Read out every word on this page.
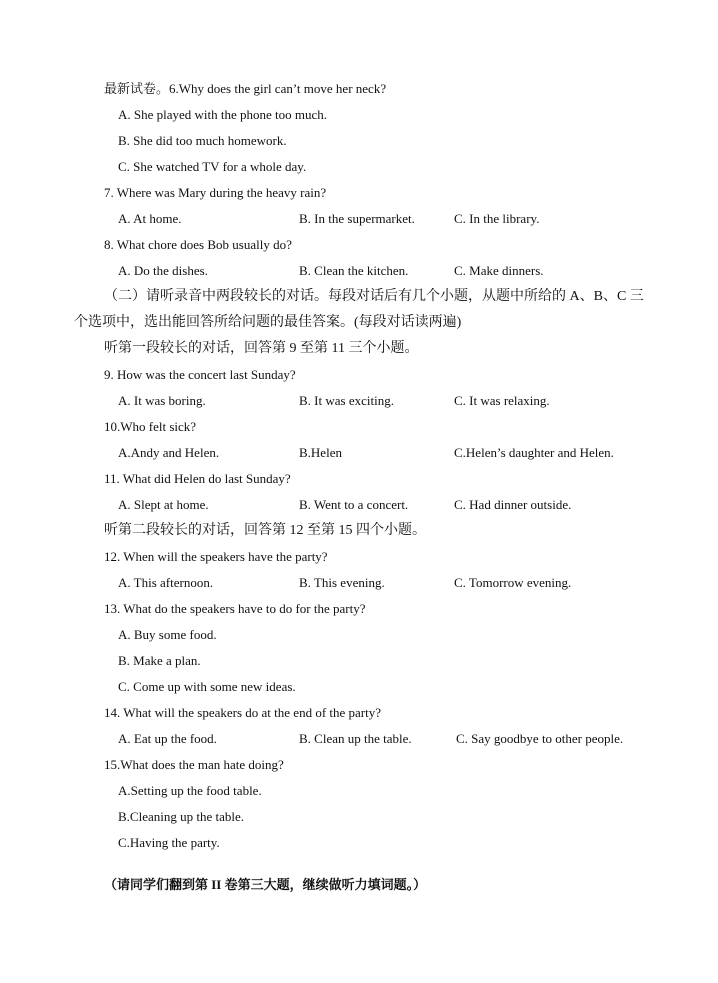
最新试卷。6.Why does the girl can’t move her neck?
A. She played with the phone too much.
B. She did too much homework.
C. She watched TV for a whole day.
7. Where was Mary during the heavy rain?
A. At home.	B. In the supermarket.	C. In the library.
8. What chore does Bob usually do?
A. Do the dishes.	B. Clean the kitchen.	C. Make dinners.
（二）请听录音中两段较长的对话。每段对话后有几个小题，从题中所给的 A、B、C 三
个选项中，选出能回答所给问题的最佳答案。(每段对话读两遍)
听第一段较长的对话，回答第 9 至第 11 三个小题。
9. How was the concert last Sunday?
A. It was boring.	B. It was exciting.	C. It was relaxing.
10.Who felt sick?
A.Andy and Helen.	B.Helen	C.Helen’s daughter and Helen.
11. What did Helen do last Sunday?
A. Slept at home.	B. Went to a concert.	C. Had dinner outside.
听第二段较长的对话，回答第 12 至第 15 四个小题。
12. When will the speakers have the party?
A. This afternoon.	B. This evening.	C. Tomorrow evening.
13. What do the speakers have to do for the party?
A. Buy some food.
B. Make a plan.
C. Come up with some new ideas.
14. What will the speakers do at the end of the party?
A. Eat up the food.	B. Clean up the table.	C. Say goodbye to other people.
15.What does the man hate doing?
A.Setting up the food table.
B.Cleaning up the table.
C.Having the party.
（请同学们翻到第 II 卷第三大题，继续做听力填词题。）
